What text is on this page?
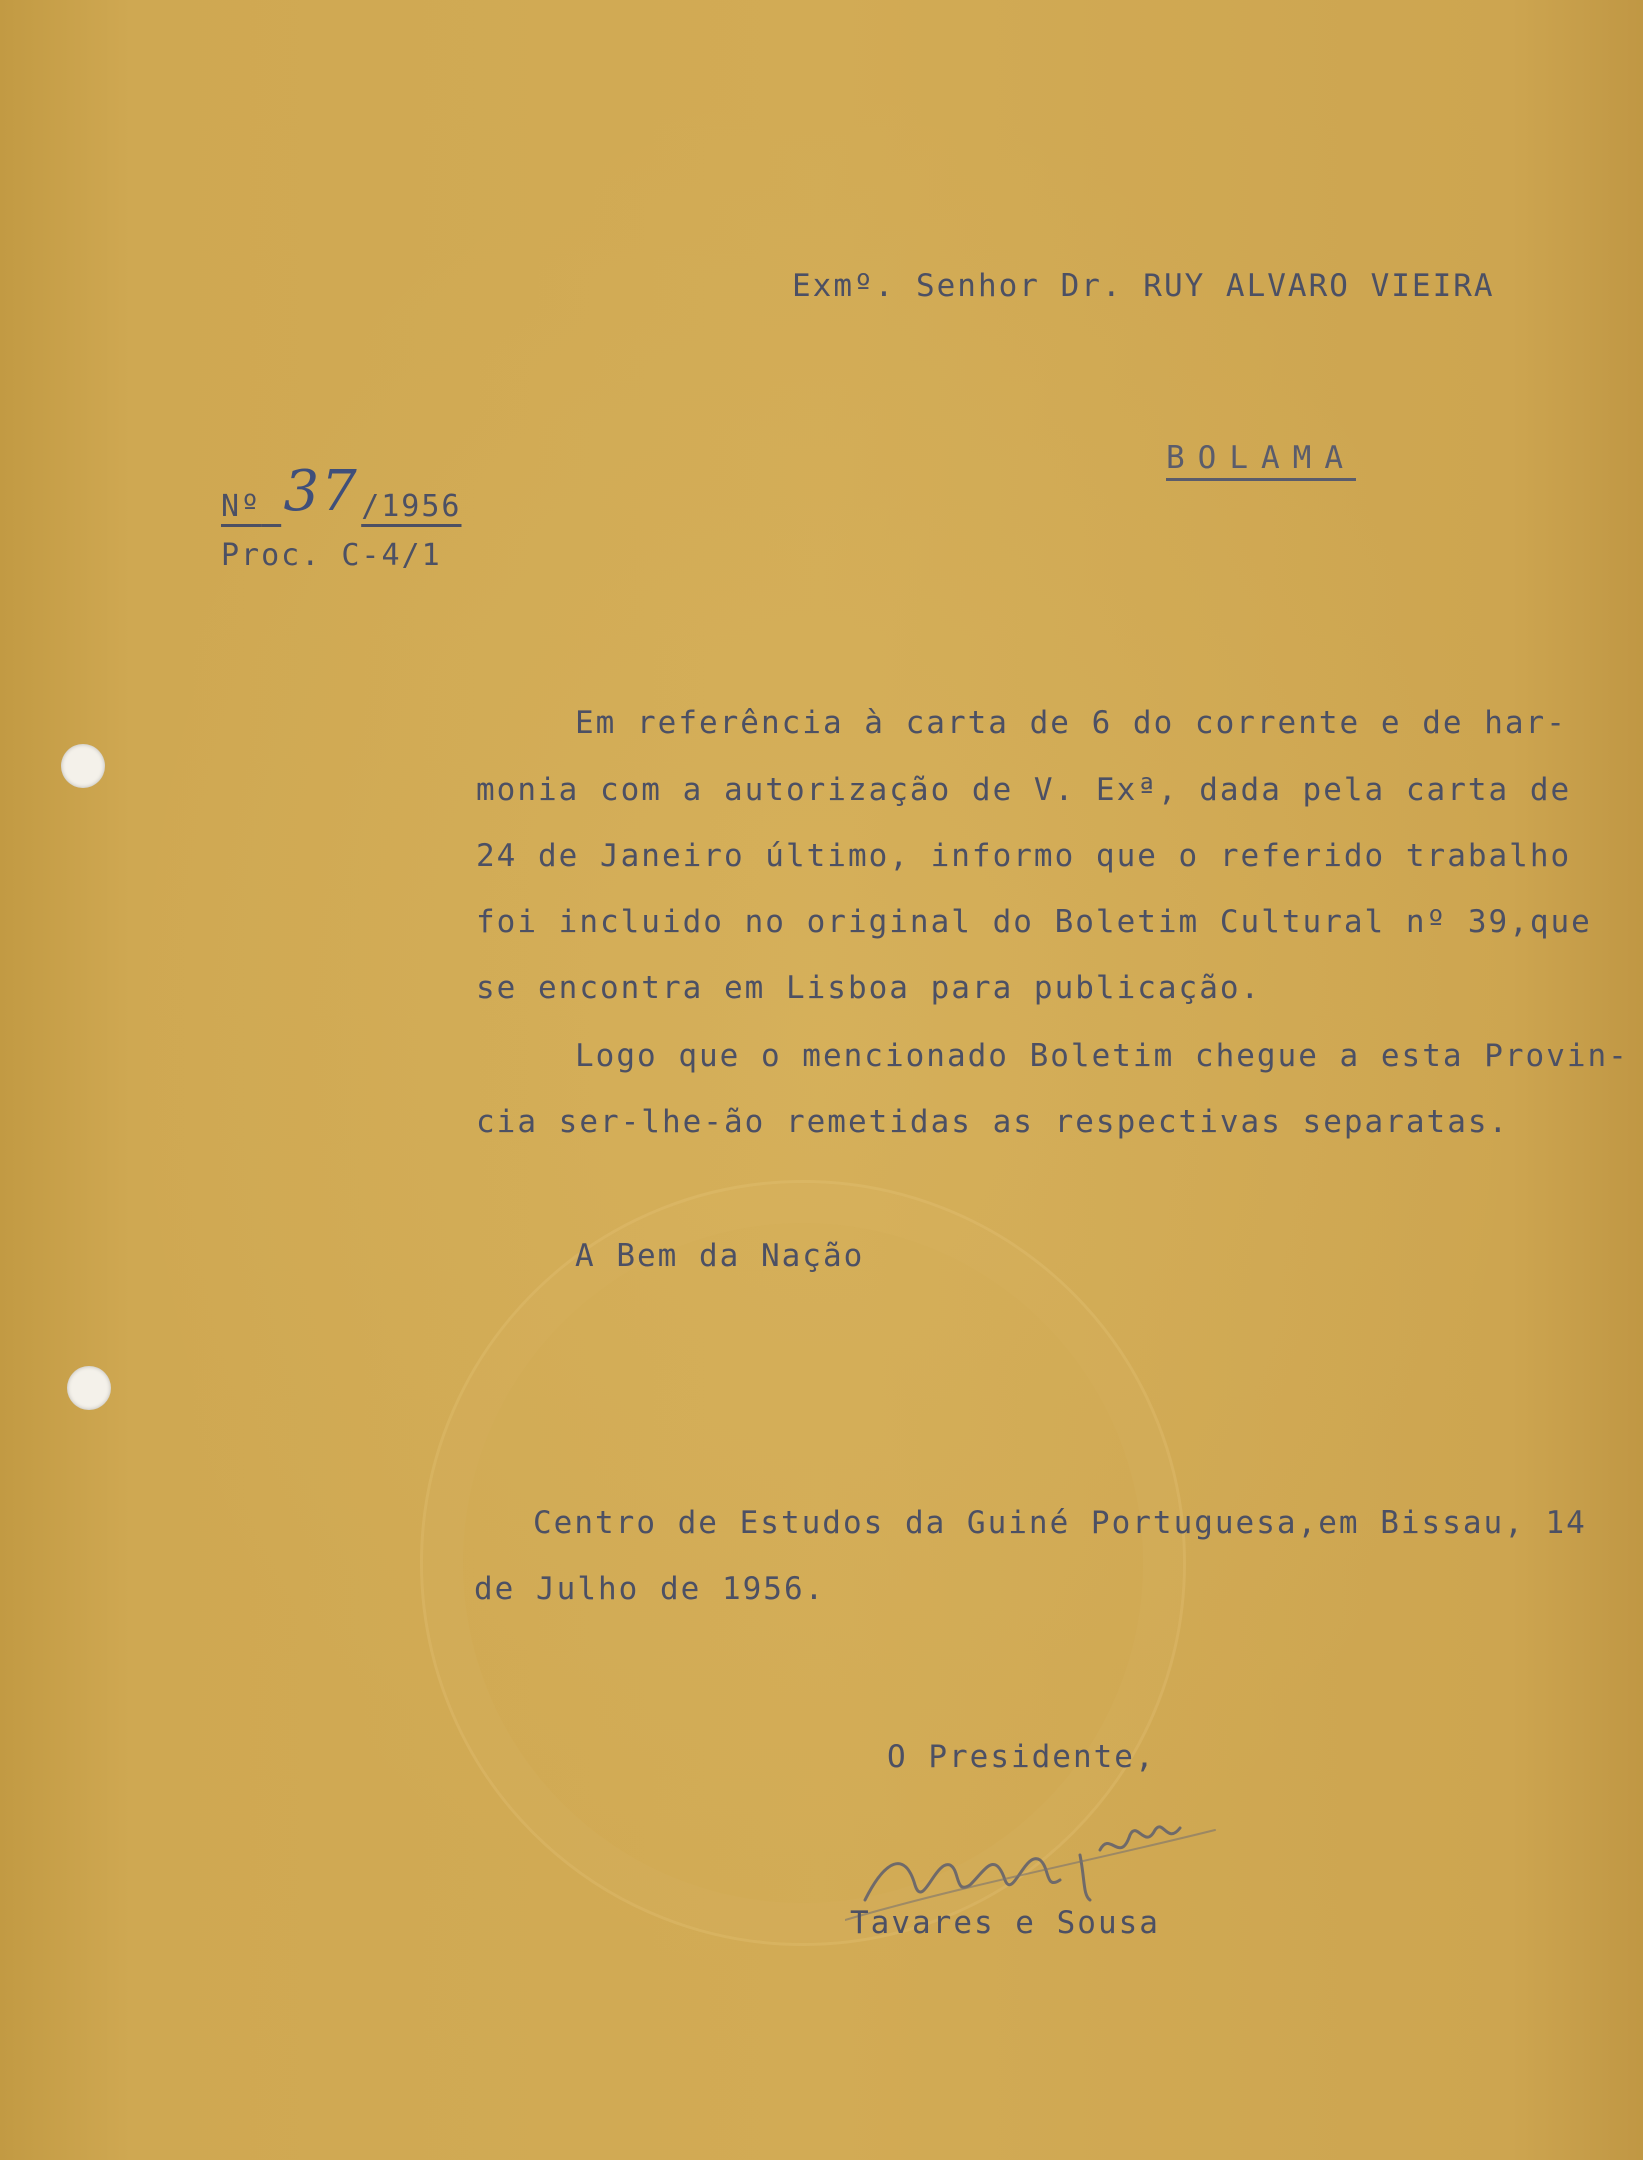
Exmº. Senhor Dr. RUY ALVARO VIEIRA

BOLAMA

Nº 37/1956

Proc. C-4/1

Em referência à carta de 6 do corrente e de har-

monia com a autorização de V. Exª, dada pela carta de

24 de Janeiro último, informo que o referido trabalho

foi incluido no original do Boletim Cultural nº 39,que

se encontra em Lisboa para publicação.

Logo que o mencionado Boletim chegue a esta Provin-

cia ser-lhe-ão remetidas as respectivas separatas.

A Bem da Nação

Centro de Estudos da Guiné Portuguesa,em Bissau, 14

de Julho de 1956.

O Presidente,

Tavares e Sousa
